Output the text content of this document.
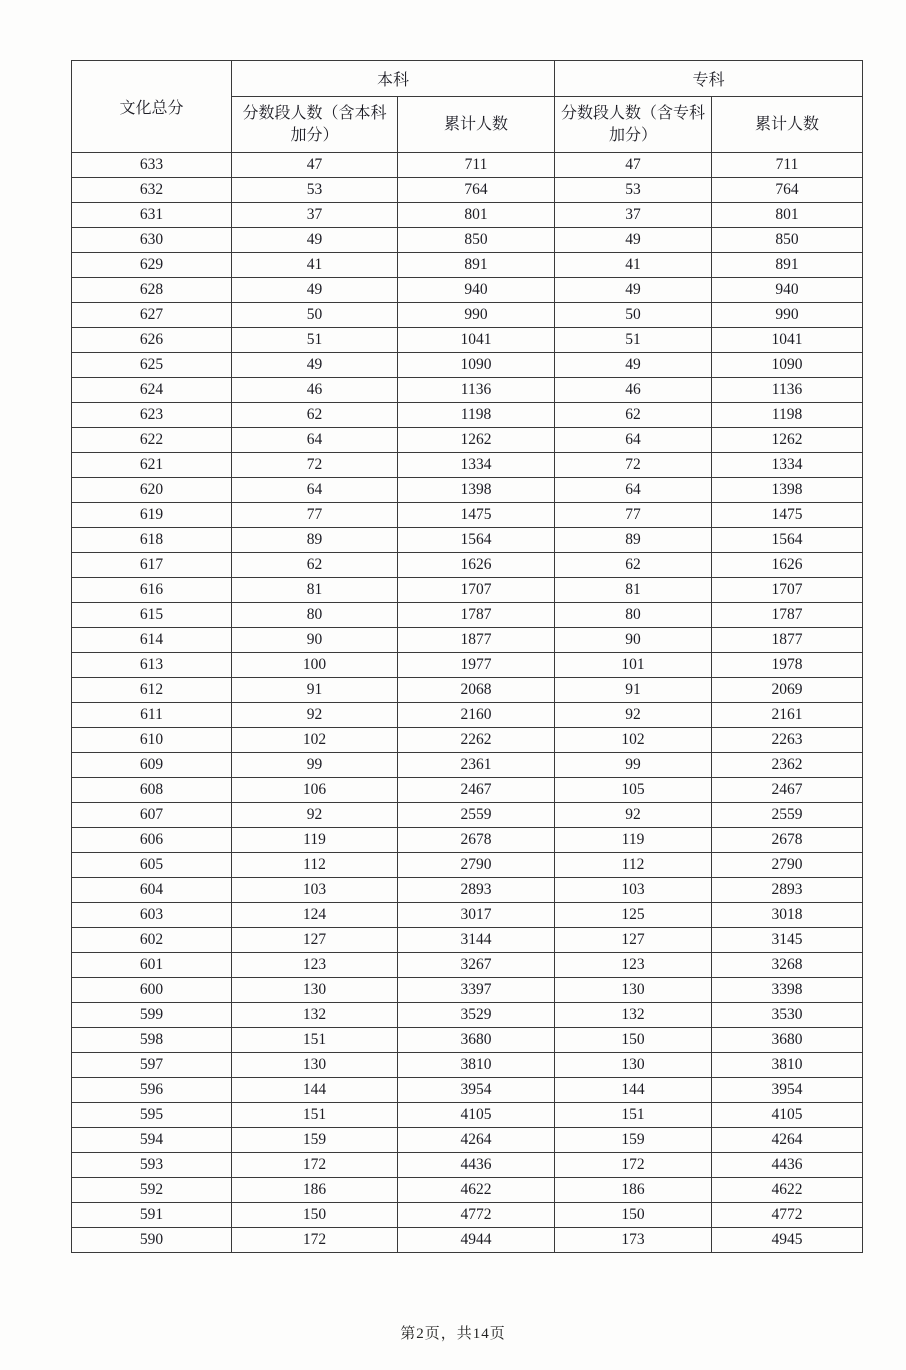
文化总分	本科		专科	
	分数段人数（含本科加分）	累计人数	分数段人数（含专科加分）	累计人数
633	47	711	47	711
632	53	764	53	764
631	37	801	37	801
630	49	850	49	850
629	41	891	41	891
628	49	940	49	940
627	50	990	50	990
626	51	1041	51	1041
625	49	1090	49	1090
624	46	1136	46	1136
623	62	1198	62	1198
622	64	1262	64	1262
621	72	1334	72	1334
620	64	1398	64	1398
619	77	1475	77	1475
618	89	1564	89	1564
617	62	1626	62	1626
616	81	1707	81	1707
615	80	1787	80	1787
614	90	1877	90	1877
613	100	1977	101	1978
612	91	2068	91	2069
611	92	2160	92	2161
610	102	2262	102	2263
609	99	2361	99	2362
608	106	2467	105	2467
607	92	2559	92	2559
606	119	2678	119	2678
605	112	2790	112	2790
604	103	2893	103	2893
603	124	3017	125	3018
602	127	3144	127	3145
601	123	3267	123	3268
600	130	3397	130	3398
599	132	3529	132	3530
598	151	3680	150	3680
597	130	3810	130	3810
596	144	3954	144	3954
595	151	4105	151	4105
594	159	4264	159	4264
593	172	4436	172	4436
592	186	4622	186	4622
591	150	4772	150	4772
590	172	4944	173	4945
第2页，共14页
